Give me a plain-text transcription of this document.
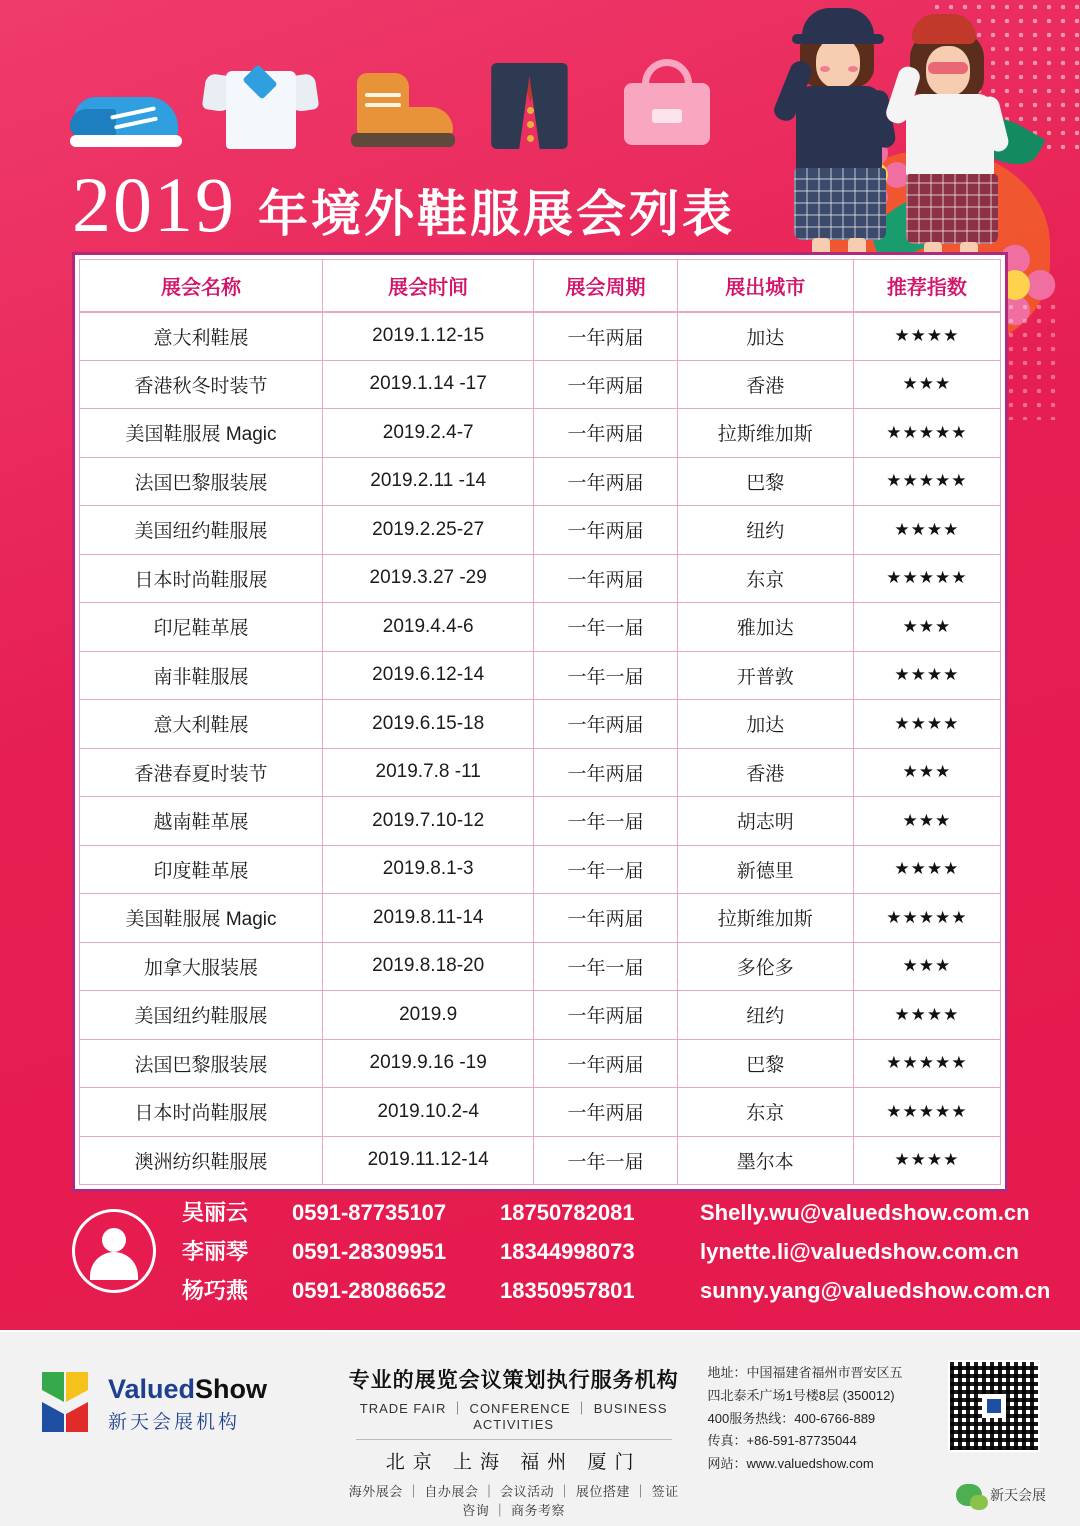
2019 年境外鞋服展会列表
展会名称	展会时间	展会周期	展出城市	推荐指数
意大利鞋展	2019.1.12-15	一年两届	加达	★★★★
香港秋冬时装节	2019.1.14 -17	一年两届	香港	★★★
美国鞋服展 Magic	2019.2.4-7	一年两届	拉斯维加斯	★★★★★
法国巴黎服装展	2019.2.11 -14	一年两届	巴黎	★★★★★
美国纽约鞋服展	2019.2.25-27	一年两届	纽约	★★★★
日本时尚鞋服展	2019.3.27 -29	一年两届	东京	★★★★★
印尼鞋革展	2019.4.4-6	一年一届	雅加达	★★★
南非鞋服展	2019.6.12-14	一年一届	开普敦	★★★★
意大利鞋展	2019.6.15-18	一年两届	加达	★★★★
香港春夏时装节	2019.7.8 -11	一年两届	香港	★★★
越南鞋革展	2019.7.10-12	一年一届	胡志明	★★★
印度鞋革展	2019.8.1-3	一年一届	新德里	★★★★
美国鞋服展 Magic	2019.8.11-14	一年两届	拉斯维加斯	★★★★★
加拿大服装展	2019.8.18-20	一年一届	多伦多	★★★
美国纽约鞋服展	2019.9	一年两届	纽约	★★★★
法国巴黎服装展	2019.9.16 -19	一年两届	巴黎	★★★★★
日本时尚鞋服展	2019.10.2-4	一年两届	东京	★★★★★
澳洲纺织鞋服展	2019.11.12-14	一年一届	墨尔本	★★★★
吴丽云	0591-87735107	18750782081	Shelly.wu@valuedshow.com.cn
李丽琴	0591-28309951	18344998073	lynette.li@valuedshow.com.cn
杨巧燕	0591-28086652	18350957801	sunny.yang@valuedshow.com.cn
ValuedShow
新天会展机构
专业的展览会议策划执行服务机构
TRADE FAIR ｜ CONFERENCE ｜ BUSINESS ACTIVITIES
北京 上海 福州 厦门
海外展会 ｜ 自办展会 ｜ 会议活动 ｜ 展位搭建 ｜ 签证咨询 ｜ 商务考察
地址：中国福建省福州市晋安区五
四北泰禾广场1号楼8层 (350012)
400服务热线：400-6766-889
传真：+86-591-87735044
网站：www.valuedshow.com
新天会展
